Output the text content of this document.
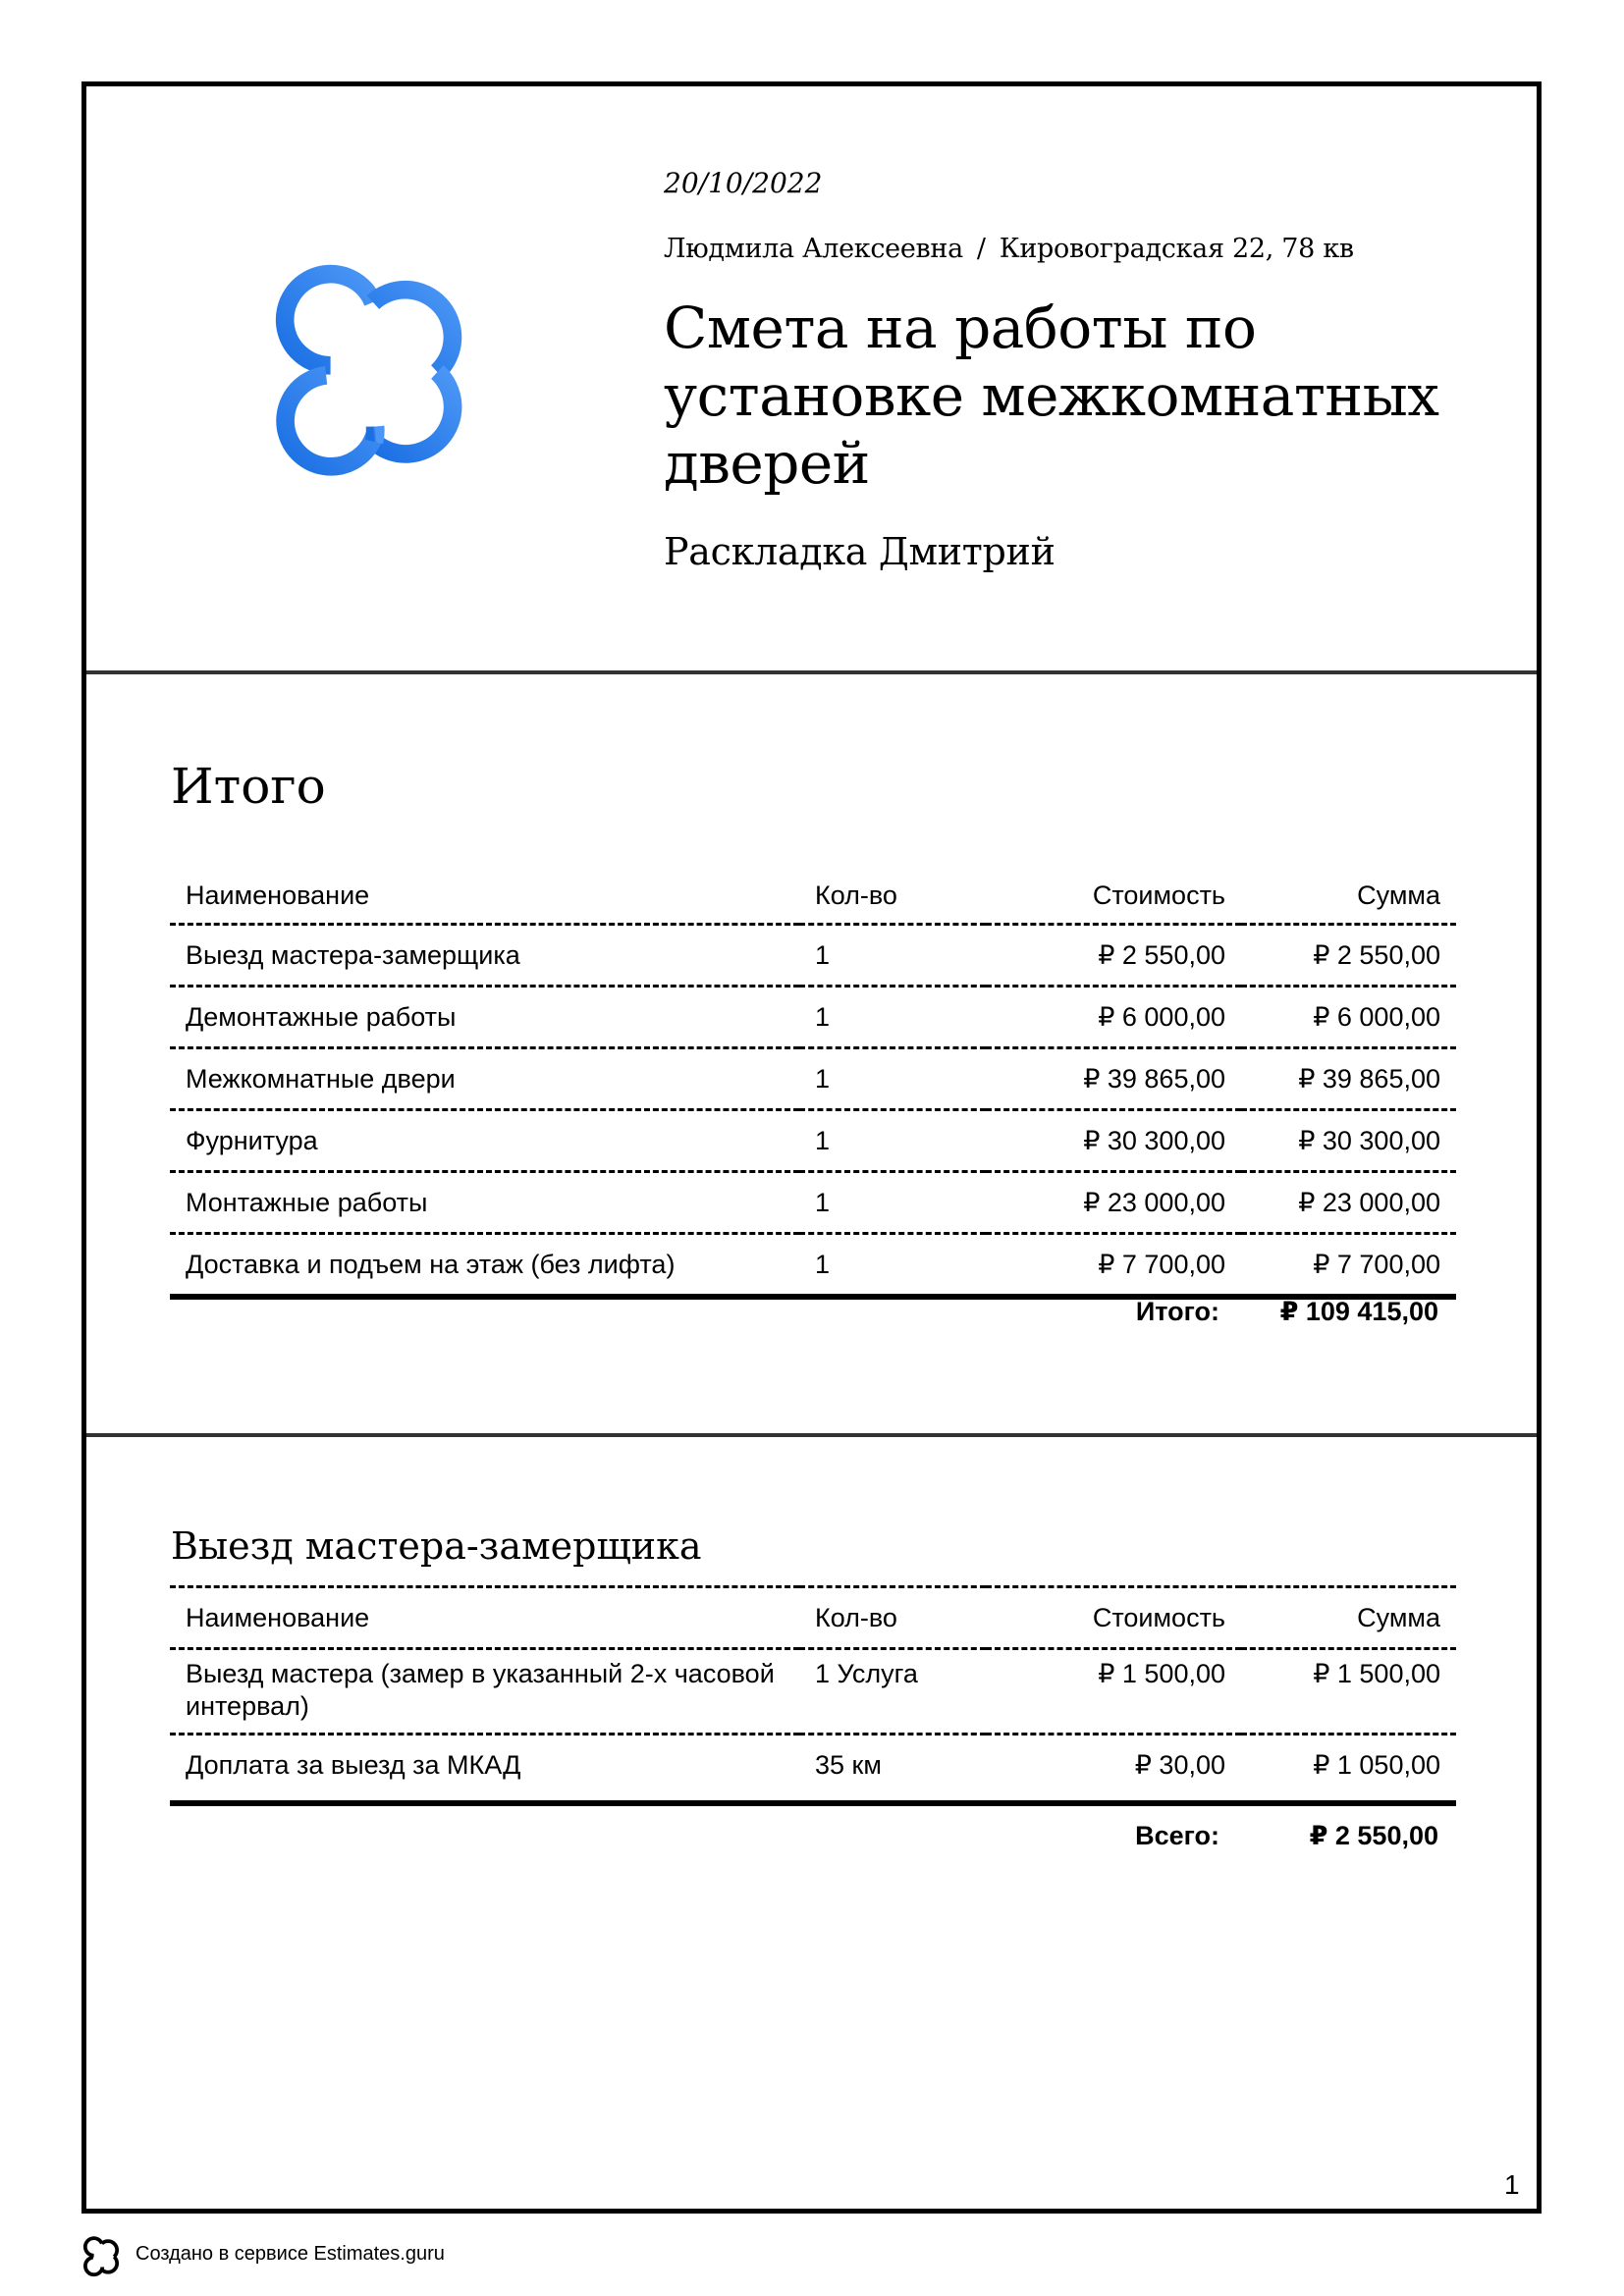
20/10/2022
Людмила Алексеевна / Кировоградская 22, 78 кв
Смета на работы по установке межкомнатных дверей
Раскладка Дмитрий
Итого
Наименование	Кол-во	Стоимость	Сумма
Выезд мастера-замерщика	1	₽ 2 550,00	₽ 2 550,00
Демонтажные работы	1	₽ 6 000,00	₽ 6 000,00
Межкомнатные двери	1	₽ 39 865,00	₽ 39 865,00
Фурнитура	1	₽ 30 300,00	₽ 30 300,00
Монтажные работы	1	₽ 23 000,00	₽ 23 000,00
Доставка и подъем на этаж (без лифта)	1	₽ 7 700,00	₽ 7 700,00
Итого: ₽ 109 415,00
Выезд мастера-замерщика
Наименование	Кол-во	Стоимость	Сумма
Выезд мастера (замер в указанный 2-х часовой интервал)	1 Услуга	₽ 1 500,00	₽ 1 500,00
Доплата за выезд за МКАД	35 км	₽ 30,00	₽ 1 050,00
Всего:	₽ 2 550,00
1
Создано в сервисе Estimates.guru
